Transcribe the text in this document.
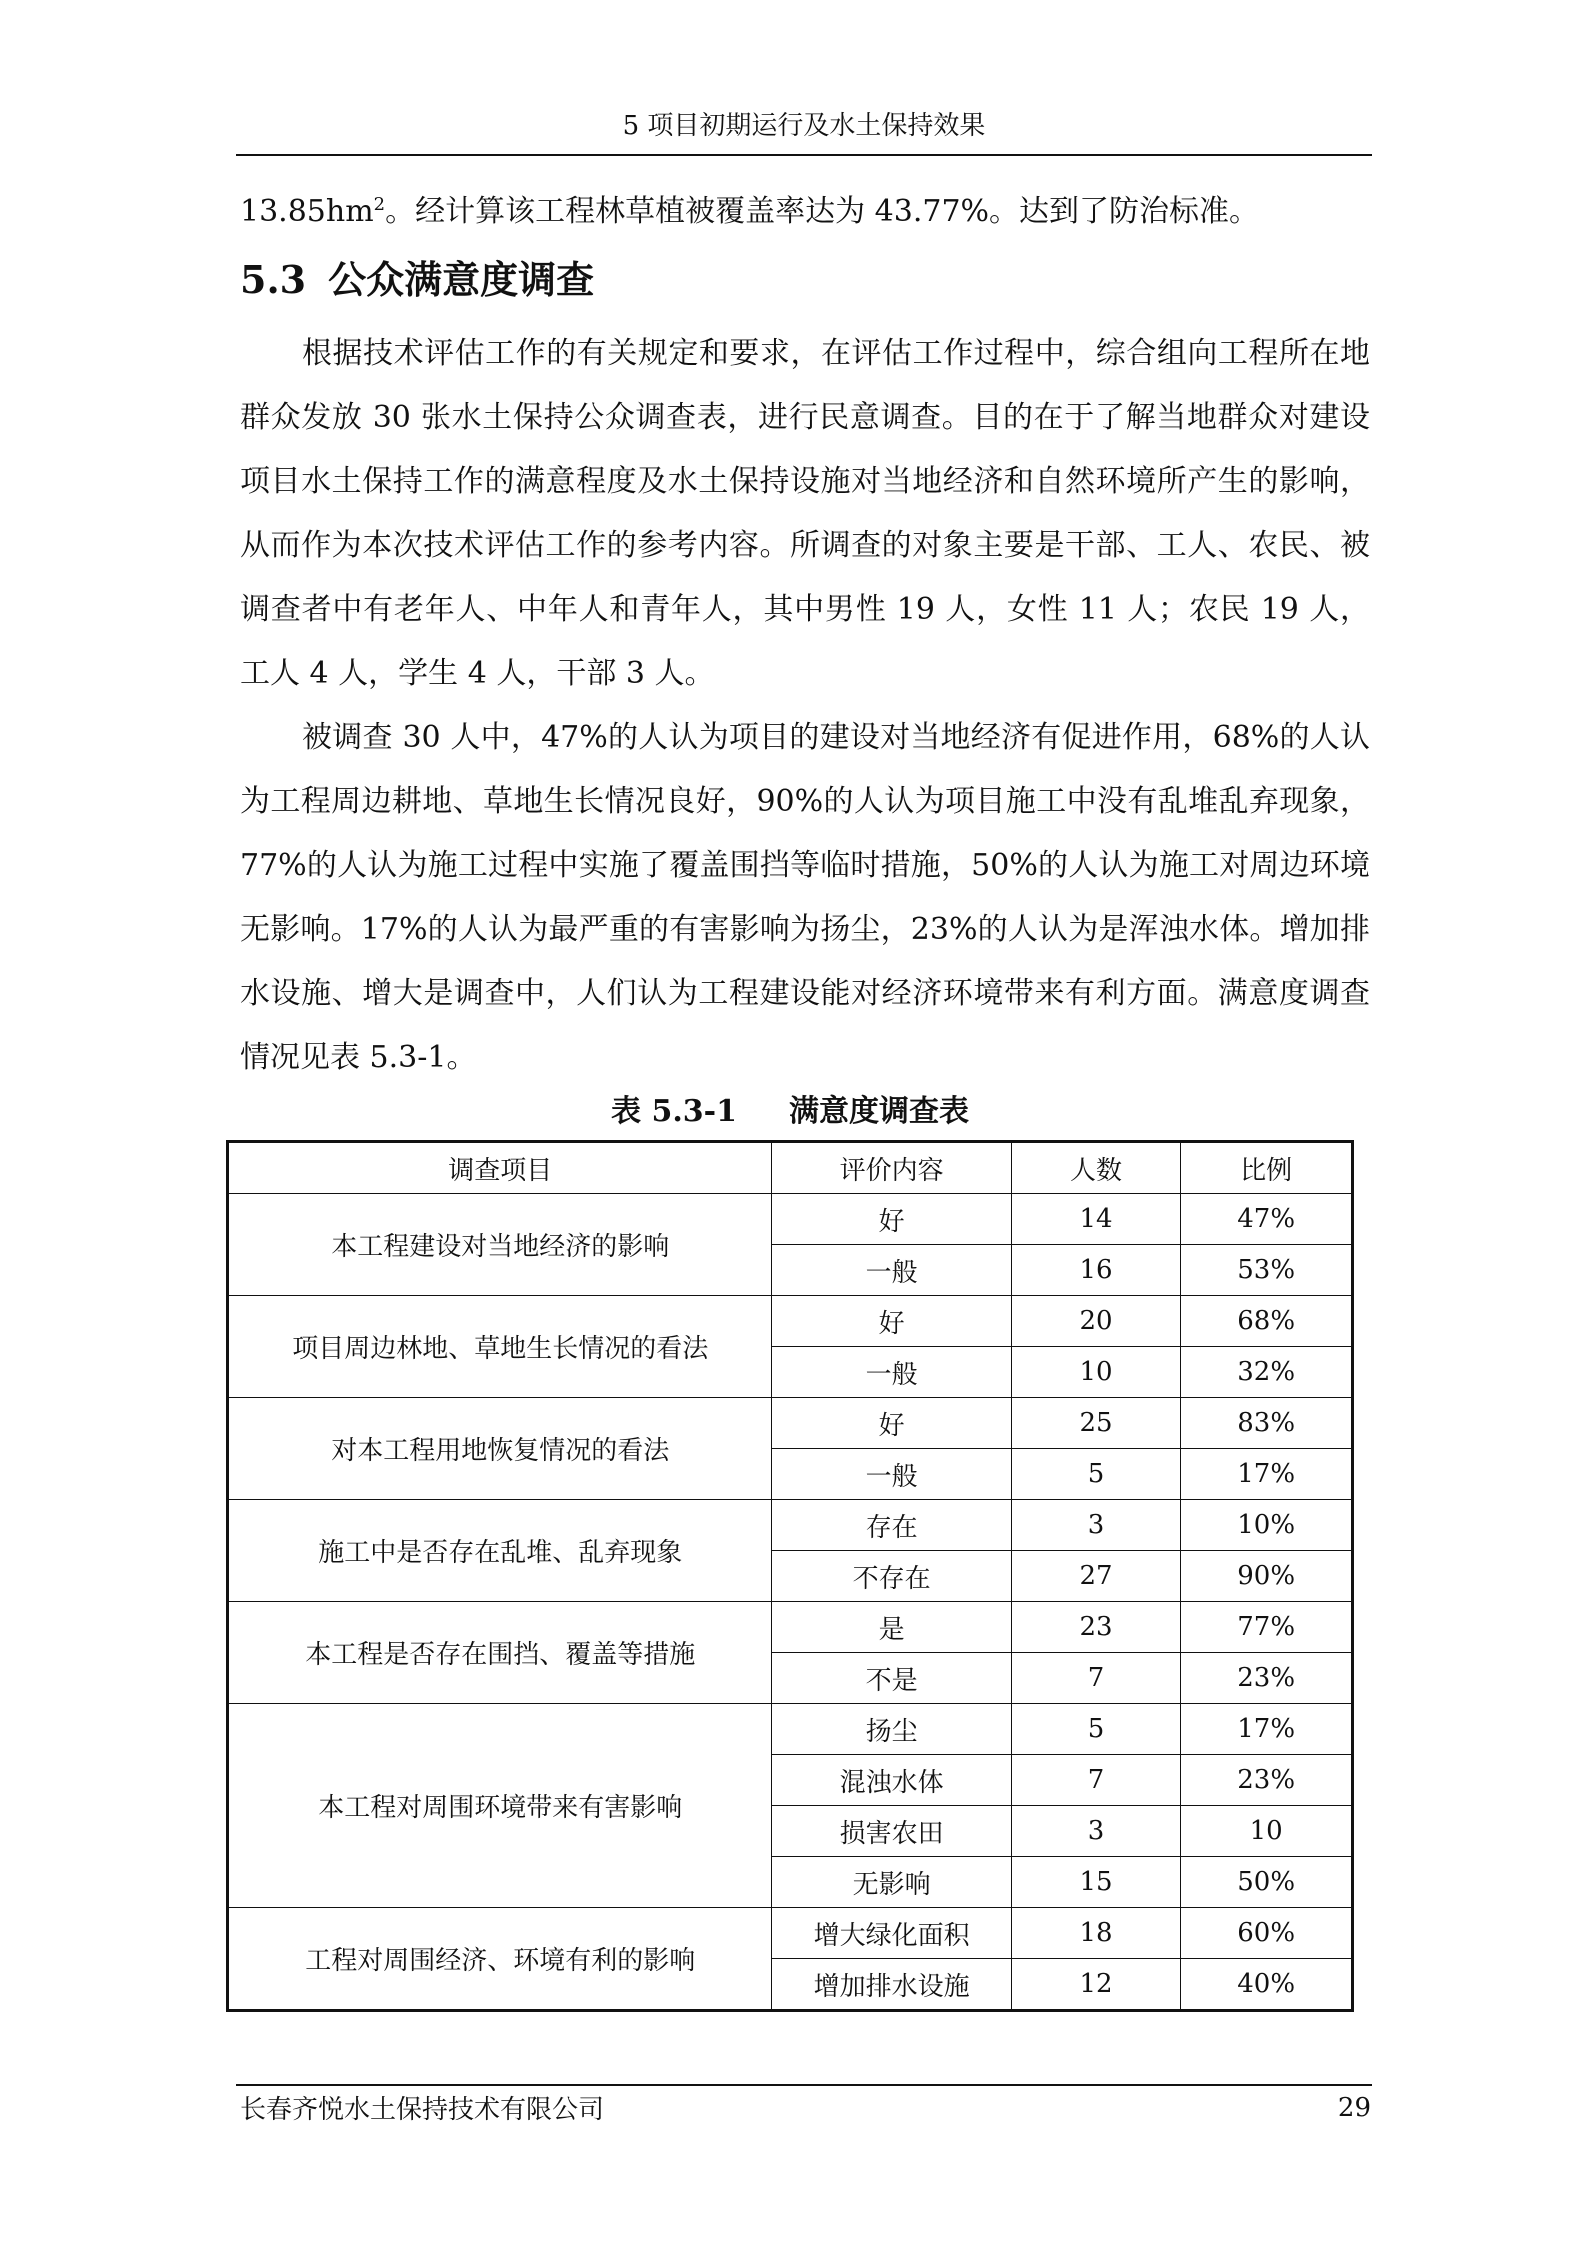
5 项目初期运行及水土保持效果
$13.85hm^2$。经计算该工程林草植被覆盖率达为 43.77%。达到了防治标准。
5.3 公众满意度调查
根据技术评估工作的有关规定和要求，在评估工作过程中，综合组向工程所在地群众发放 30 张水土保持公众调查表，进行民意调查。目的在于了解当地群众对建设项目水土保持工作的满意程度及水土保持设施对当地经济和自然环境所产生的影响，从而作为本次技术评估工作的参考内容。所调查的对象主要是干部、工人、农民、被调查者中有老年人、中年人和青年人，其中男性 19 人，女性 11 人；农民 19 人，工人 4 人，学生 4 人，干部 3 人。
被调查 30 人中，47%的人认为项目的建设对当地经济有促进作用，68%的人认为工程周边耕地、草地生长情况良好，90%的人认为项目施工中没有乱堆乱弃现象，77%的人认为施工过程中实施了覆盖围挡等临时措施，50%的人认为施工对周边环境无影响。17%的人认为最严重的有害影响为扬尘，23%的人认为是浑浊水体。增加排水设施、增大是调查中，人们认为工程建设能对经济环境带来有利方面。满意度调查情况见表 5.3-1。
表 5.3-1 满意度调查表
调查项目	评价内容	人数	比例
本工程建设对当地经济的影响	好	14	47%
	一般	16	53%
项目周边林地、草地生长情况的看法	好	20	68%
	一般	10	32%
对本工程用地恢复情况的看法	好	25	83%
	一般	5	17%
施工中是否存在乱堆、乱弃现象	存在	3	10%
	不存在	27	90%
本工程是否存在围挡、覆盖等措施	是	23	77%
	不是	7	23%
本工程对周围环境带来有害影响	扬尘	5	17%
	混浊水体	7	23%
	损害农田	3	10
	无影响	15	50%
工程对周围经济、环境有利的影响	增大绿化面积	18	60%
	增加排水设施	12	40%
长春齐悦水土保持技术有限公司	29
